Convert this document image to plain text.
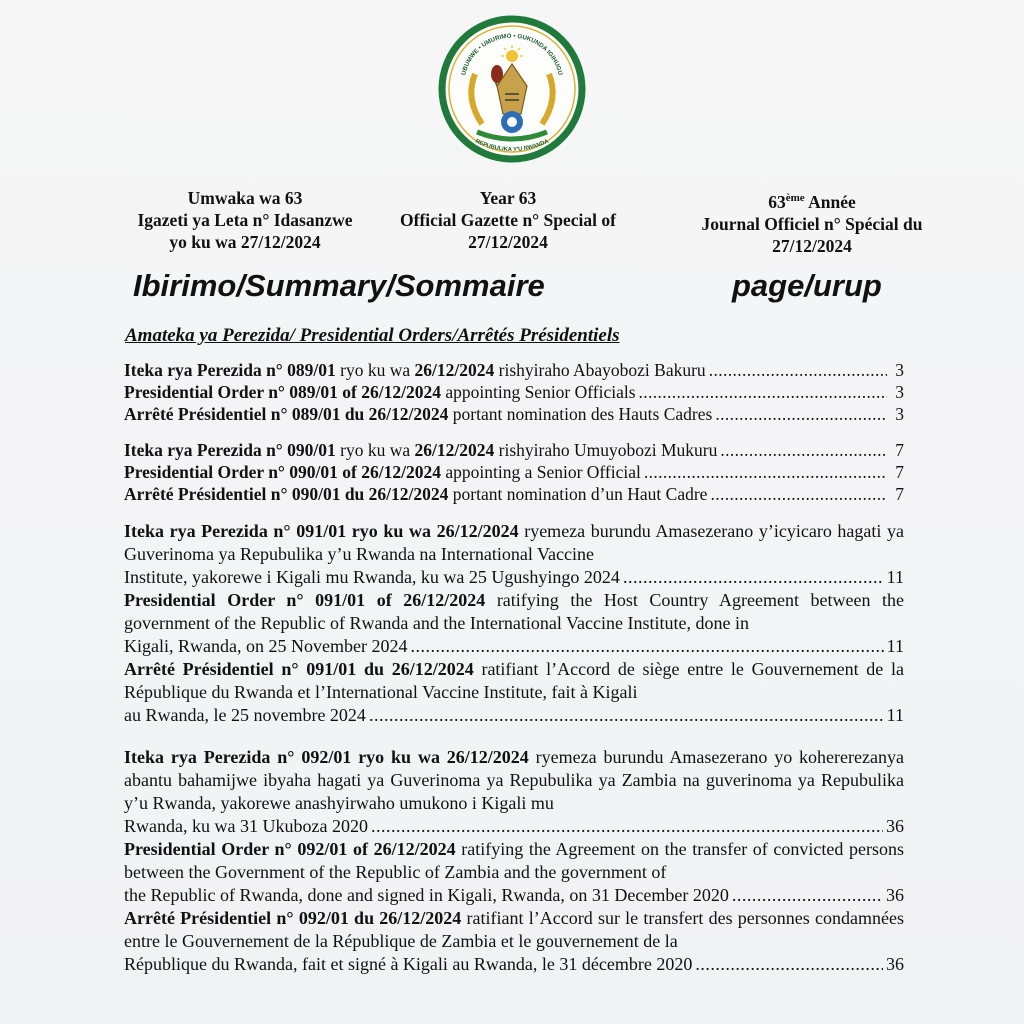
UBUMWE • UMURIMO • GUKUNDA IGIHUGU
REPUBULIKA Y'U RWANDA
Umwaka wa 63
Igazeti ya Leta n° Idasanzwe
yo ku wa 27/12/2024
Year 63
Official Gazette n° Special of
27/12/2024
63ème Année
Journal Officiel n° Spécial du
27/12/2024
Ibirimo/Summary/Sommaire	page/urup
Amateka ya Perezida/ Presidential Orders/Arrêtés Présidentiels
Iteka rya Perezida n° 089/01 ryo ku wa 26/12/2024 rishyiraho Abayobozi Bakuru . . .	3
Presidential Order n° 089/01 of 26/12/2024 appointing Senior Officials . . .	3
Arrêté Présidentiel n° 089/01 du 26/12/2024 portant nomination des Hauts Cadres . . .	3
Iteka rya Perezida n° 090/01 ryo ku wa 26/12/2024 rishyiraho Umuyobozi Mukuru . . .	7
Presidential Order n° 090/01 of 26/12/2024 appointing a Senior Official . . .	7
Arrêté Présidentiel n° 090/01 du 26/12/2024 portant nomination d’un Haut Cadre . . .	7

Iteka rya Perezida n° 091/01 ryo ku wa 26/12/2024 ryemeza burundu Amasezerano y’icyicaro hagati ya Guverinoma ya Repubulika y’u Rwanda na International Vaccine

Institute, yakorewe i Kigali mu Rwanda, ku wa 25 Ugushyingo 2024 . . .	11

Presidential Order n° 091/01 of 26/12/2024 ratifying the Host Country Agreement between the government of the Republic of Rwanda and the International Vaccine Institute, done in

Kigali, Rwanda, on 25 November 2024 . . .	11

Arrêté Présidentiel n° 091/01 du 26/12/2024 ratifiant l’Accord de siège entre le Gouvernement de la République du Rwanda et l’International Vaccine Institute, fait à Kigali

au Rwanda, le 25 novembre 2024 . . .	11

Iteka rya Perezida n° 092/01 ryo ku wa 26/12/2024 ryemeza burundu Amasezerano yo kohererezanya abantu bahamijwe ibyaha hagati ya Guverinoma ya Repubulika ya Zambia na guverinoma ya Repubulika y’u Rwanda, yakorewe anashyirwaho umukono i Kigali mu

Rwanda, ku wa 31 Ukuboza 2020 . . .	36

Presidential Order n° 092/01 of 26/12/2024 ratifying the Agreement on the transfer of convicted persons between the Government of the Republic of Zambia and the government of

the Republic of Rwanda, done and signed in Kigali, Rwanda, on 31 December 2020 . . .	36

Arrêté Présidentiel n° 092/01 du 26/12/2024 ratifiant l’Accord sur le transfert des personnes condamnées entre le Gouvernement de la République de Zambia et le gouvernement de la

République du Rwanda, fait et signé à Kigali au Rwanda, le 31 décembre 2020 . . .	36
